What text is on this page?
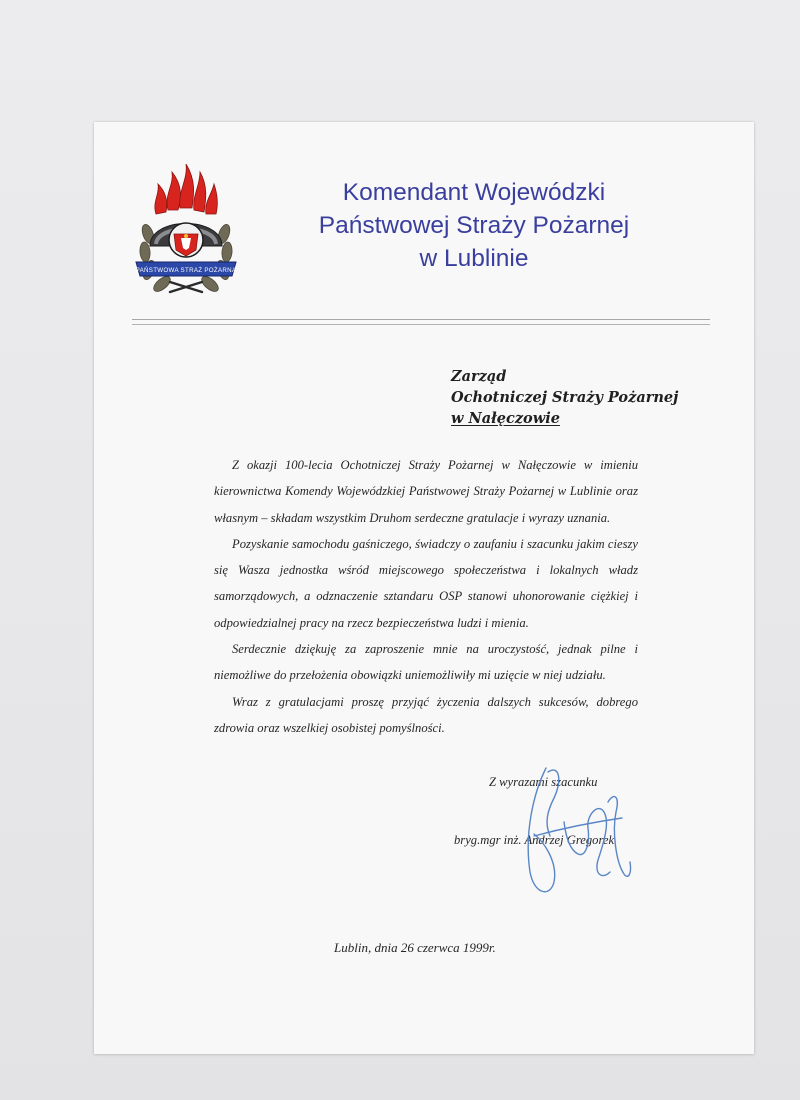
PAŃSTWOWA STRAŻ POŻARNA
Komendant Wojewódzki
Państwowej Straży Pożarnej
w Lublinie
Zarząd
Ochotniczej Straży Pożarnej
w Nałęczowie

Z okazji 100-lecia Ochotniczej Straży Pożarnej w Nałęczowie w imieniu kierownictwa Komendy Wojewódzkiej Państwowej Straży Pożarnej w Lublinie oraz własnym – składam wszystkim Druhom serdeczne gratulacje i wyrazy uznania.

Pozyskanie samochodu gaśniczego, świadczy o zaufaniu i szacunku jakim cieszy się Wasza jednostka wśród miejscowego społeczeństwa i lokalnych władz samorządowych, a odznaczenie sztandaru OSP stanowi uhonorowanie ciężkiej i odpowiedzialnej pracy na rzecz bezpieczeństwa ludzi i mienia.

Serdecznie dziękuję za zaproszenie mnie na uroczystość, jednak pilne i niemożliwe do przełożenia obowiązki uniemożliwiły mi uzięcie w niej udziału.

Wraz z gratulacjami proszę przyjąć życzenia dalszych sukcesów, dobrego zdrowia oraz wszelkiej osobistej pomyślności.

Z wyrazami szacunku
bryg.mgr inż. Andrzej Gregorek
Lublin, dnia 26 czerwca 1999r.
